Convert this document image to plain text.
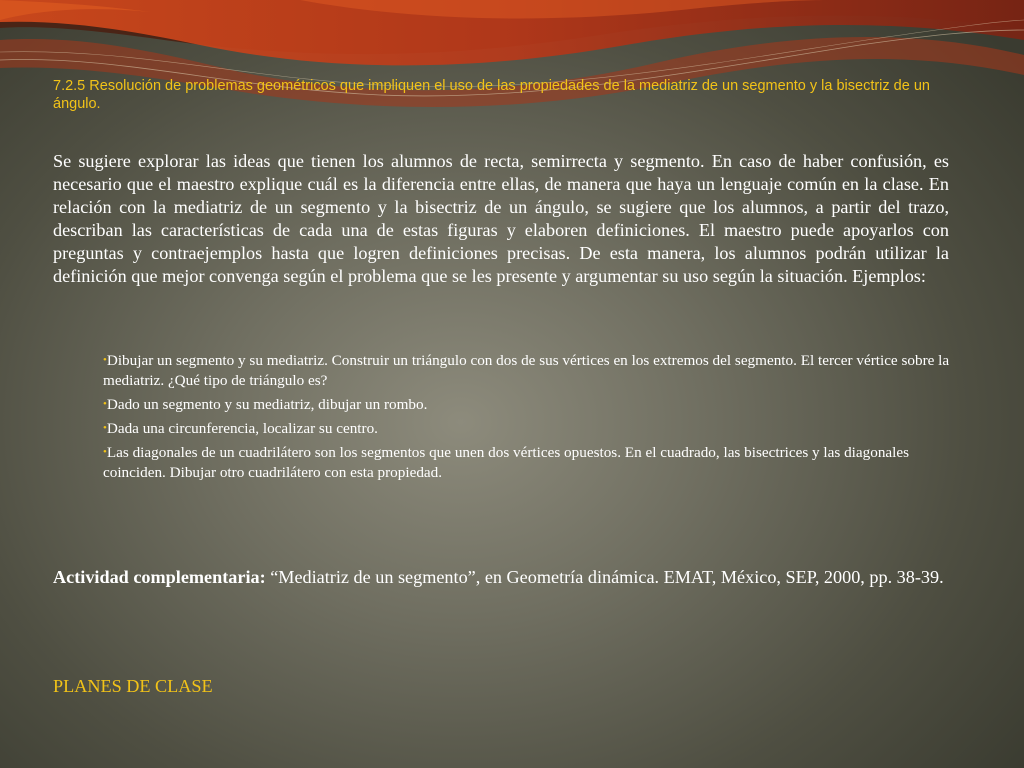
7.2.5 Resolución de problemas geométricos que impliquen el uso de las propiedades de la mediatriz de un segmento y la bisectriz de un ángulo.

Se sugiere explorar las ideas que tienen los alumnos de recta, semirrecta y segmento. En caso de haber confusión, es necesario que el maestro explique cuál es la diferencia entre ellas, de manera que haya un lenguaje común en la clase. En relación con la mediatriz de un segmento y la bisectriz de un ángulo, se sugiere que los alumnos, a partir del trazo, describan las características de cada una de estas figuras y elaboren definiciones. El maestro puede apoyarlos con preguntas y contraejemplos hasta que logren definiciones precisas. De esta manera, los alumnos podrán utilizar la definición que mejor convenga según el problema que se les presente y argumentar su uso según la situación. Ejemplos:

•Dibujar un segmento y su mediatriz. Construir un triángulo con dos de sus vértices en los extremos del segmento. El tercer vértice sobre la mediatriz. ¿Qué tipo de triángulo es?
•Dado un segmento y su mediatriz, dibujar un rombo.
•Dada una circunferencia, localizar su centro.
•Las diagonales de un cuadrilátero son los segmentos que unen dos vértices opuestos. En el cuadrado, las bisectrices y las diagonales coinciden. Dibujar otro cuadrilátero con esta propiedad.

Actividad complementaria: “Mediatriz de un segmento”, en Geometría dinámica. EMAT, México, SEP, 2000, pp. 38-39.

PLANES DE CLASE
